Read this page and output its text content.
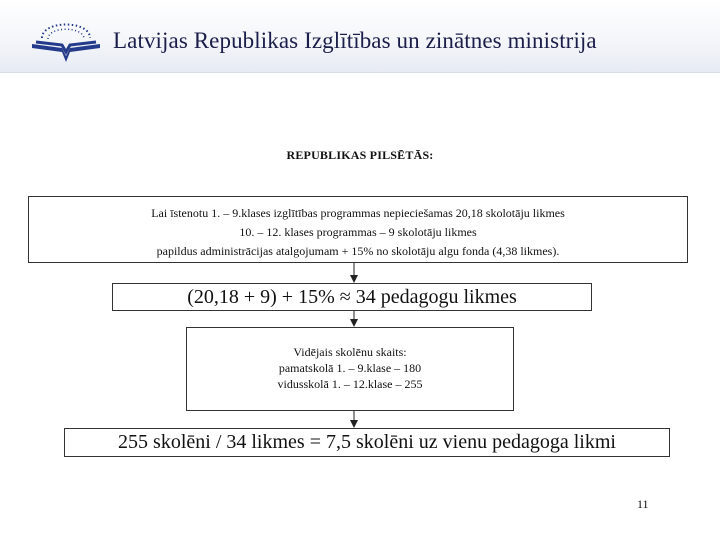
Latvijas Republikas Izglītības un zinātnes ministrija
REPUBLIKAS PILSĒTĀS:
Lai īstenotu 1. – 9.klases izglītības programmas nepieciešamas 20,18 skolotāju likmes
10. – 12. klases programmas – 9 skolotāju likmes
papildus administrācijas atalgojumam + 15% no skolotāju algu fonda (4,38 likmes).
(20,18 + 9) + 15% ≈ 34 pedagogu likmes
Vidējais skolēnu skaits:
pamatskolā 1. – 9.klase – 180
vidusskolā 1. – 12.klase – 255
255 skolēni / 34 likmes = 7,5 skolēni uz vienu pedagoga likmi
11
